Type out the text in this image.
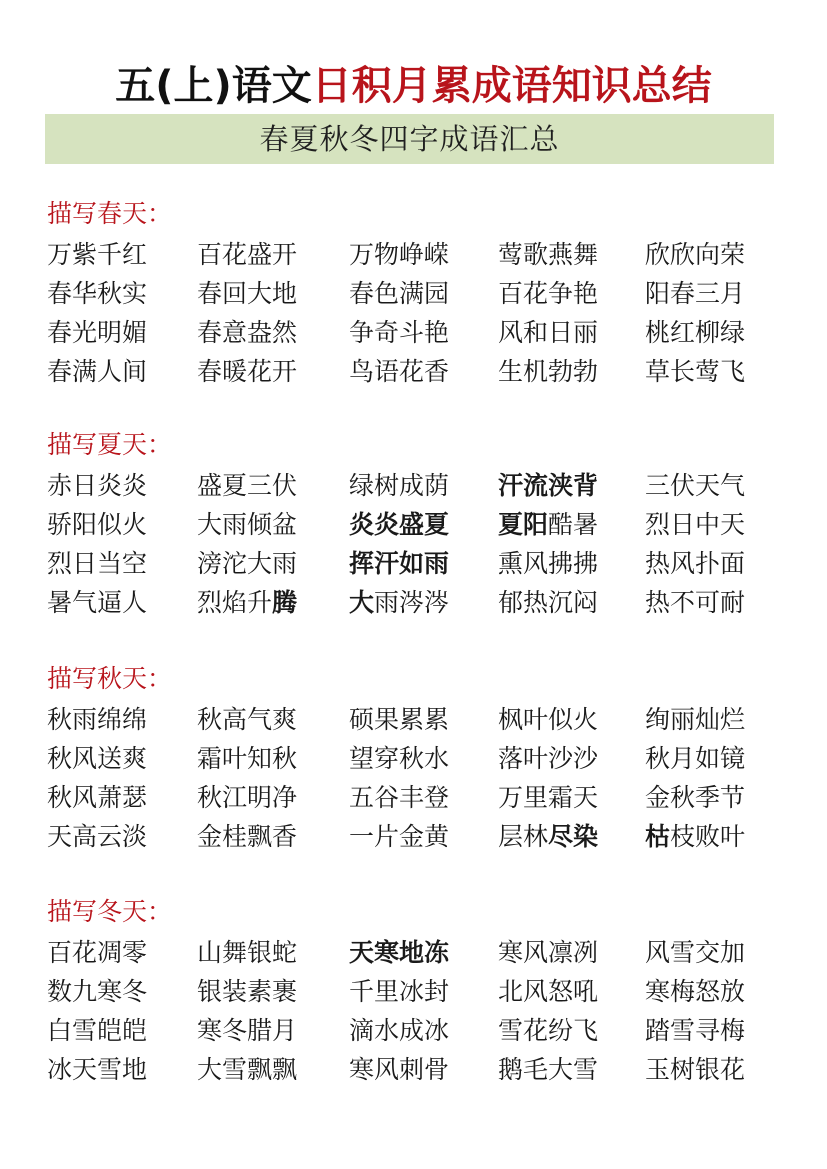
五(上)语文日积月累成语知识总结
春夏秋冬四字成语汇总
描写春天：
万紫千红 百花盛开 万物峥嵘 莺歌燕舞 欣欣向荣
春华秋实 春回大地 春色满园 百花争艳 阳春三月
春光明媚 春意盎然 争奇斗艳 风和日丽 桃红柳绿
春满人间 春暖花开 鸟语花香 生机勃勃 草长莺飞
描写夏天：
赤日炎炎 盛夏三伏 绿树成荫 汗流浃背 三伏天气
骄阳似火 大雨倾盆 炎炎盛夏 夏阳酷暑 烈日中天
烈日当空 滂沱大雨 挥汗如雨 熏风拂拂 热风扑面
暑气逼人 烈焰升腾 大雨涔涔 郁热沉闷 热不可耐
描写秋天：
秋雨绵绵 秋高气爽 硕果累累 枫叶似火 绚丽灿烂
秋风送爽 霜叶知秋 望穿秋水 落叶沙沙 秋月如镜
秋风萧瑟 秋江明净 五谷丰登 万里霜天 金秋季节
天高云淡 金桂飘香 一片金黄 层林尽染 枯枝败叶
描写冬天：
百花凋零 山舞银蛇 天寒地冻 寒风凛冽 风雪交加
数九寒冬 银装素裹 千里冰封 北风怒吼 寒梅怒放
白雪皑皑 寒冬腊月 滴水成冰 雪花纷飞 踏雪寻梅
冰天雪地 大雪飘飘 寒风刺骨 鹅毛大雪 玉树银花
